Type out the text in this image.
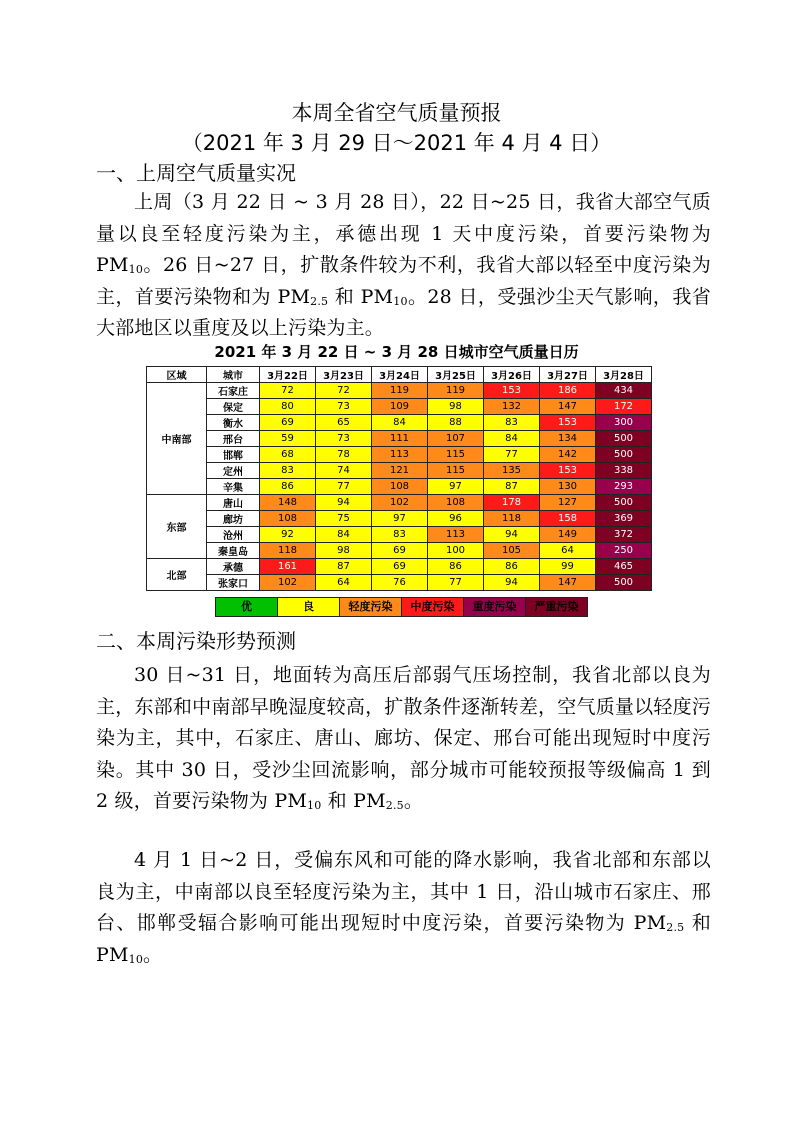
本周全省空气质量预报
（2021 年 3 月 29 日～2021 年 4 月 4 日）
一、上周空气质量实况
上周（3 月 22 日 ~ 3 月 28 日），22 日~25 日，我省大部空气质量以良至轻度污染为主，承德出现 1 天中度污染，首要污染物为 $PM_{10}$。26 日~27 日，扩散条件较为不利，我省大部以轻至中度污染为主，首要污染物和为 $PM_{2.5}$ 和 $PM_{10}$。28 日，受强沙尘天气影响，我省大部地区以重度及以上污染为主。
2021 年 3 月 22 日 ~ 3 月 28 日城市空气质量日历
区域	城市	3月22日	3月23日	3月24日	3月25日	3月26日	3月27日	3月28日
中南部	石家庄	72	72	119	119	153	186	434
	保定	80	73	109	98	132	147	172
	衡水	69	65	84	88	83	153	300
	邢台	59	73	111	107	84	134	500
	邯郸	68	78	113	115	77	142	500
	定州	83	74	121	115	135	153	338
	辛集	86	77	108	97	87	130	293
东部	唐山	148	94	102	108	178	127	500
	廊坊	108	75	97	96	118	158	369
	沧州	92	84	83	113	94	149	372
	秦皇岛	118	98	69	100	105	64	250
北部	承德	161	87	69	86	86	99	465
	张家口	102	64	76	77	94	147	500
优	良	轻度污染	中度污染	重度污染	严重污染
二、本周污染形势预测
30 日~31 日，地面转为高压后部弱气压场控制，我省北部以良为主，东部和中南部早晚湿度较高，扩散条件逐渐转差，空气质量以轻度污染为主，其中，石家庄、唐山、廊坊、保定、邢台可能出现短时中度污染。其中 30 日，受沙尘回流影响，部分城市可能较预报等级偏高 1 到 2 级，首要污染物为 $PM_{10}$ 和 $PM_{2.5}$。
4 月 1 日~2 日，受偏东风和可能的降水影响，我省北部和东部以良为主，中南部以良至轻度污染为主，其中 1 日，沿山城市石家庄、邢台、邯郸受辐合影响可能出现短时中度污染，首要污染物为 $PM_{2.5}$ 和 $PM_{10}$。
